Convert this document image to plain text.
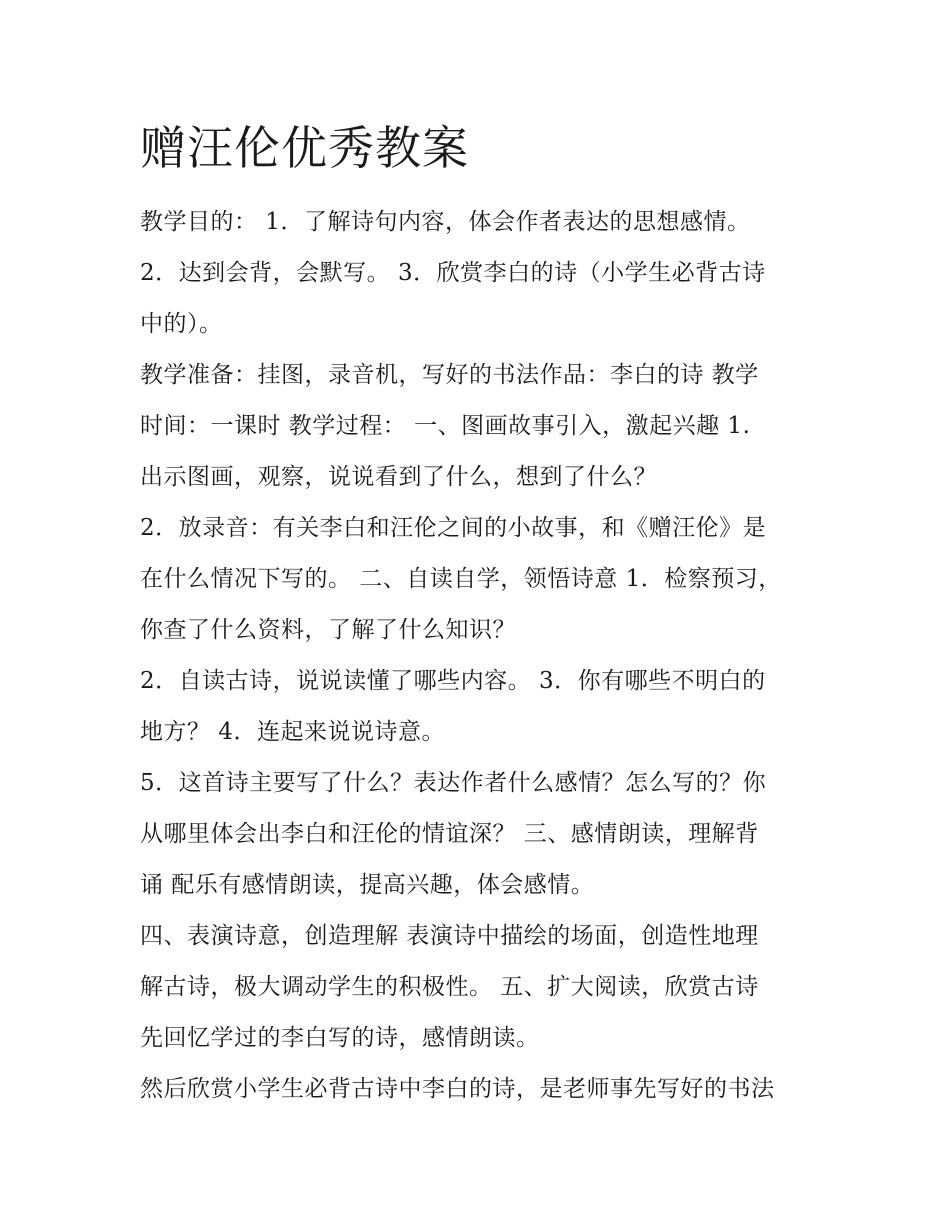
赠汪伦优秀教案
教学目的： 1．了解诗句内容，体会作者表达的思想感情。
2．达到会背，会默写。 3．欣赏李白的诗（小学生必背古诗
中的）。
教学准备：挂图，录音机，写好的书法作品：李白的诗 教学
时间：一课时 教学过程： 一、图画故事引入，激起兴趣 1.
出示图画，观察，说说看到了什么，想到了什么？
2．放录音：有关李白和汪伦之间的小故事，和《赠汪伦》是
在什么情况下写的。 二、自读自学，领悟诗意 1．检察预习，
你查了什么资料，了解了什么知识？
2．自读古诗，说说读懂了哪些内容。 3．你有哪些不明白的
地方？ 4．连起来说说诗意。
5．这首诗主要写了什么？表达作者什么感情？怎么写的？你
从哪里体会出李白和汪伦的情谊深？ 三、感情朗读，理解背
诵 配乐有感情朗读，提高兴趣，体会感情。
四、表演诗意，创造理解 表演诗中描绘的场面，创造性地理
解古诗，极大调动学生的积极性。 五、扩大阅读，欣赏古诗
先回忆学过的李白写的诗，感情朗读。
然后欣赏小学生必背古诗中李白的诗，是老师事先写好的书法
